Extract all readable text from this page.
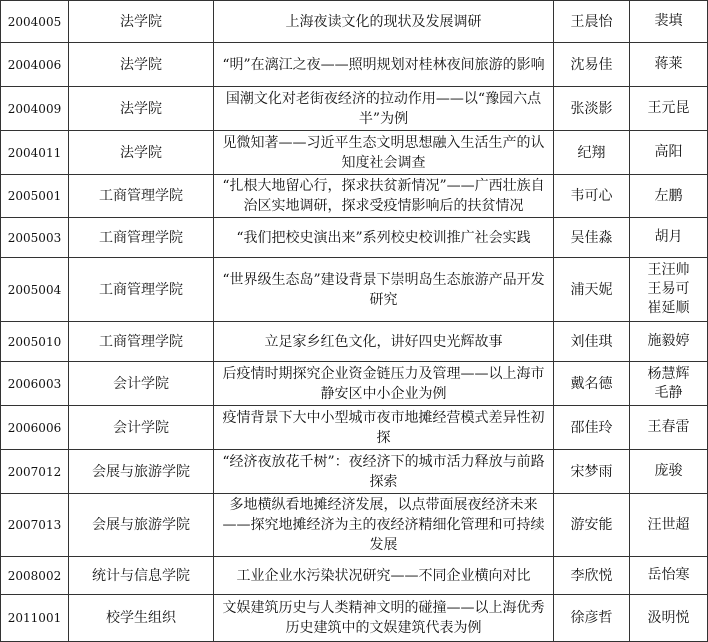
2004005	法学院	上海夜读文化的现状及发展调研	王晨怡	裴填

2004006	法学院	“明”在漓江之夜——照明规划对桂林夜间旅游的影响	沈易佳	蒋莱

2004009	法学院	国潮文化对老街夜经济的拉动作用——以“豫园六点半”为例	张淡影	王元昆

2004011	法学院	见微知著——习近平生态文明思想融入生活生产的认知度社会调查	纪翔	高阳

2005001	工商管理学院	“扎根大地留心行，探求扶贫新情况”——广西壮族自治区实地调研，探求受疫情影响后的扶贫情况	韦可心	左鹏

2005003	工商管理学院	“我们把校史演出来”系列校史校训推广社会实践	吴佳淼	胡月

2005004	工商管理学院	“世界级生态岛”建设背景下崇明岛生态旅游产品开发研究	浦天妮	王汪帅
王易可
崔延顺

2005010	工商管理学院	立足家乡红色文化，讲好四史光辉故事	刘佳琪	施毅婷

2006003	会计学院	后疫情时期探究企业资金链压力及管理——以上海市静安区中小企业为例	戴名德	杨慧辉
毛静

2006006	会计学院	疫情背景下大中小型城市夜市地摊经营模式差异性初探	邵佳玲	王春雷

2007012	会展与旅游学院	“经济夜放花千树”：夜经济下的城市活力释放与前路探索	宋梦雨	庞骏

2007013	会展与旅游学院	多地横纵看地摊经济发展，以点带面展夜经济未来——探究地摊经济为主的夜经济精细化管理和可持续发展	游安能	汪世超

2008002	统计与信息学院	工业企业水污染状况研究——不同企业横向对比	李欣悦	岳怡寒

2011001	校学生组织	文娱建筑历史与人类精神文明的碰撞——以上海优秀历史建筑中的文娱建筑代表为例	徐彦哲	汲明悦
